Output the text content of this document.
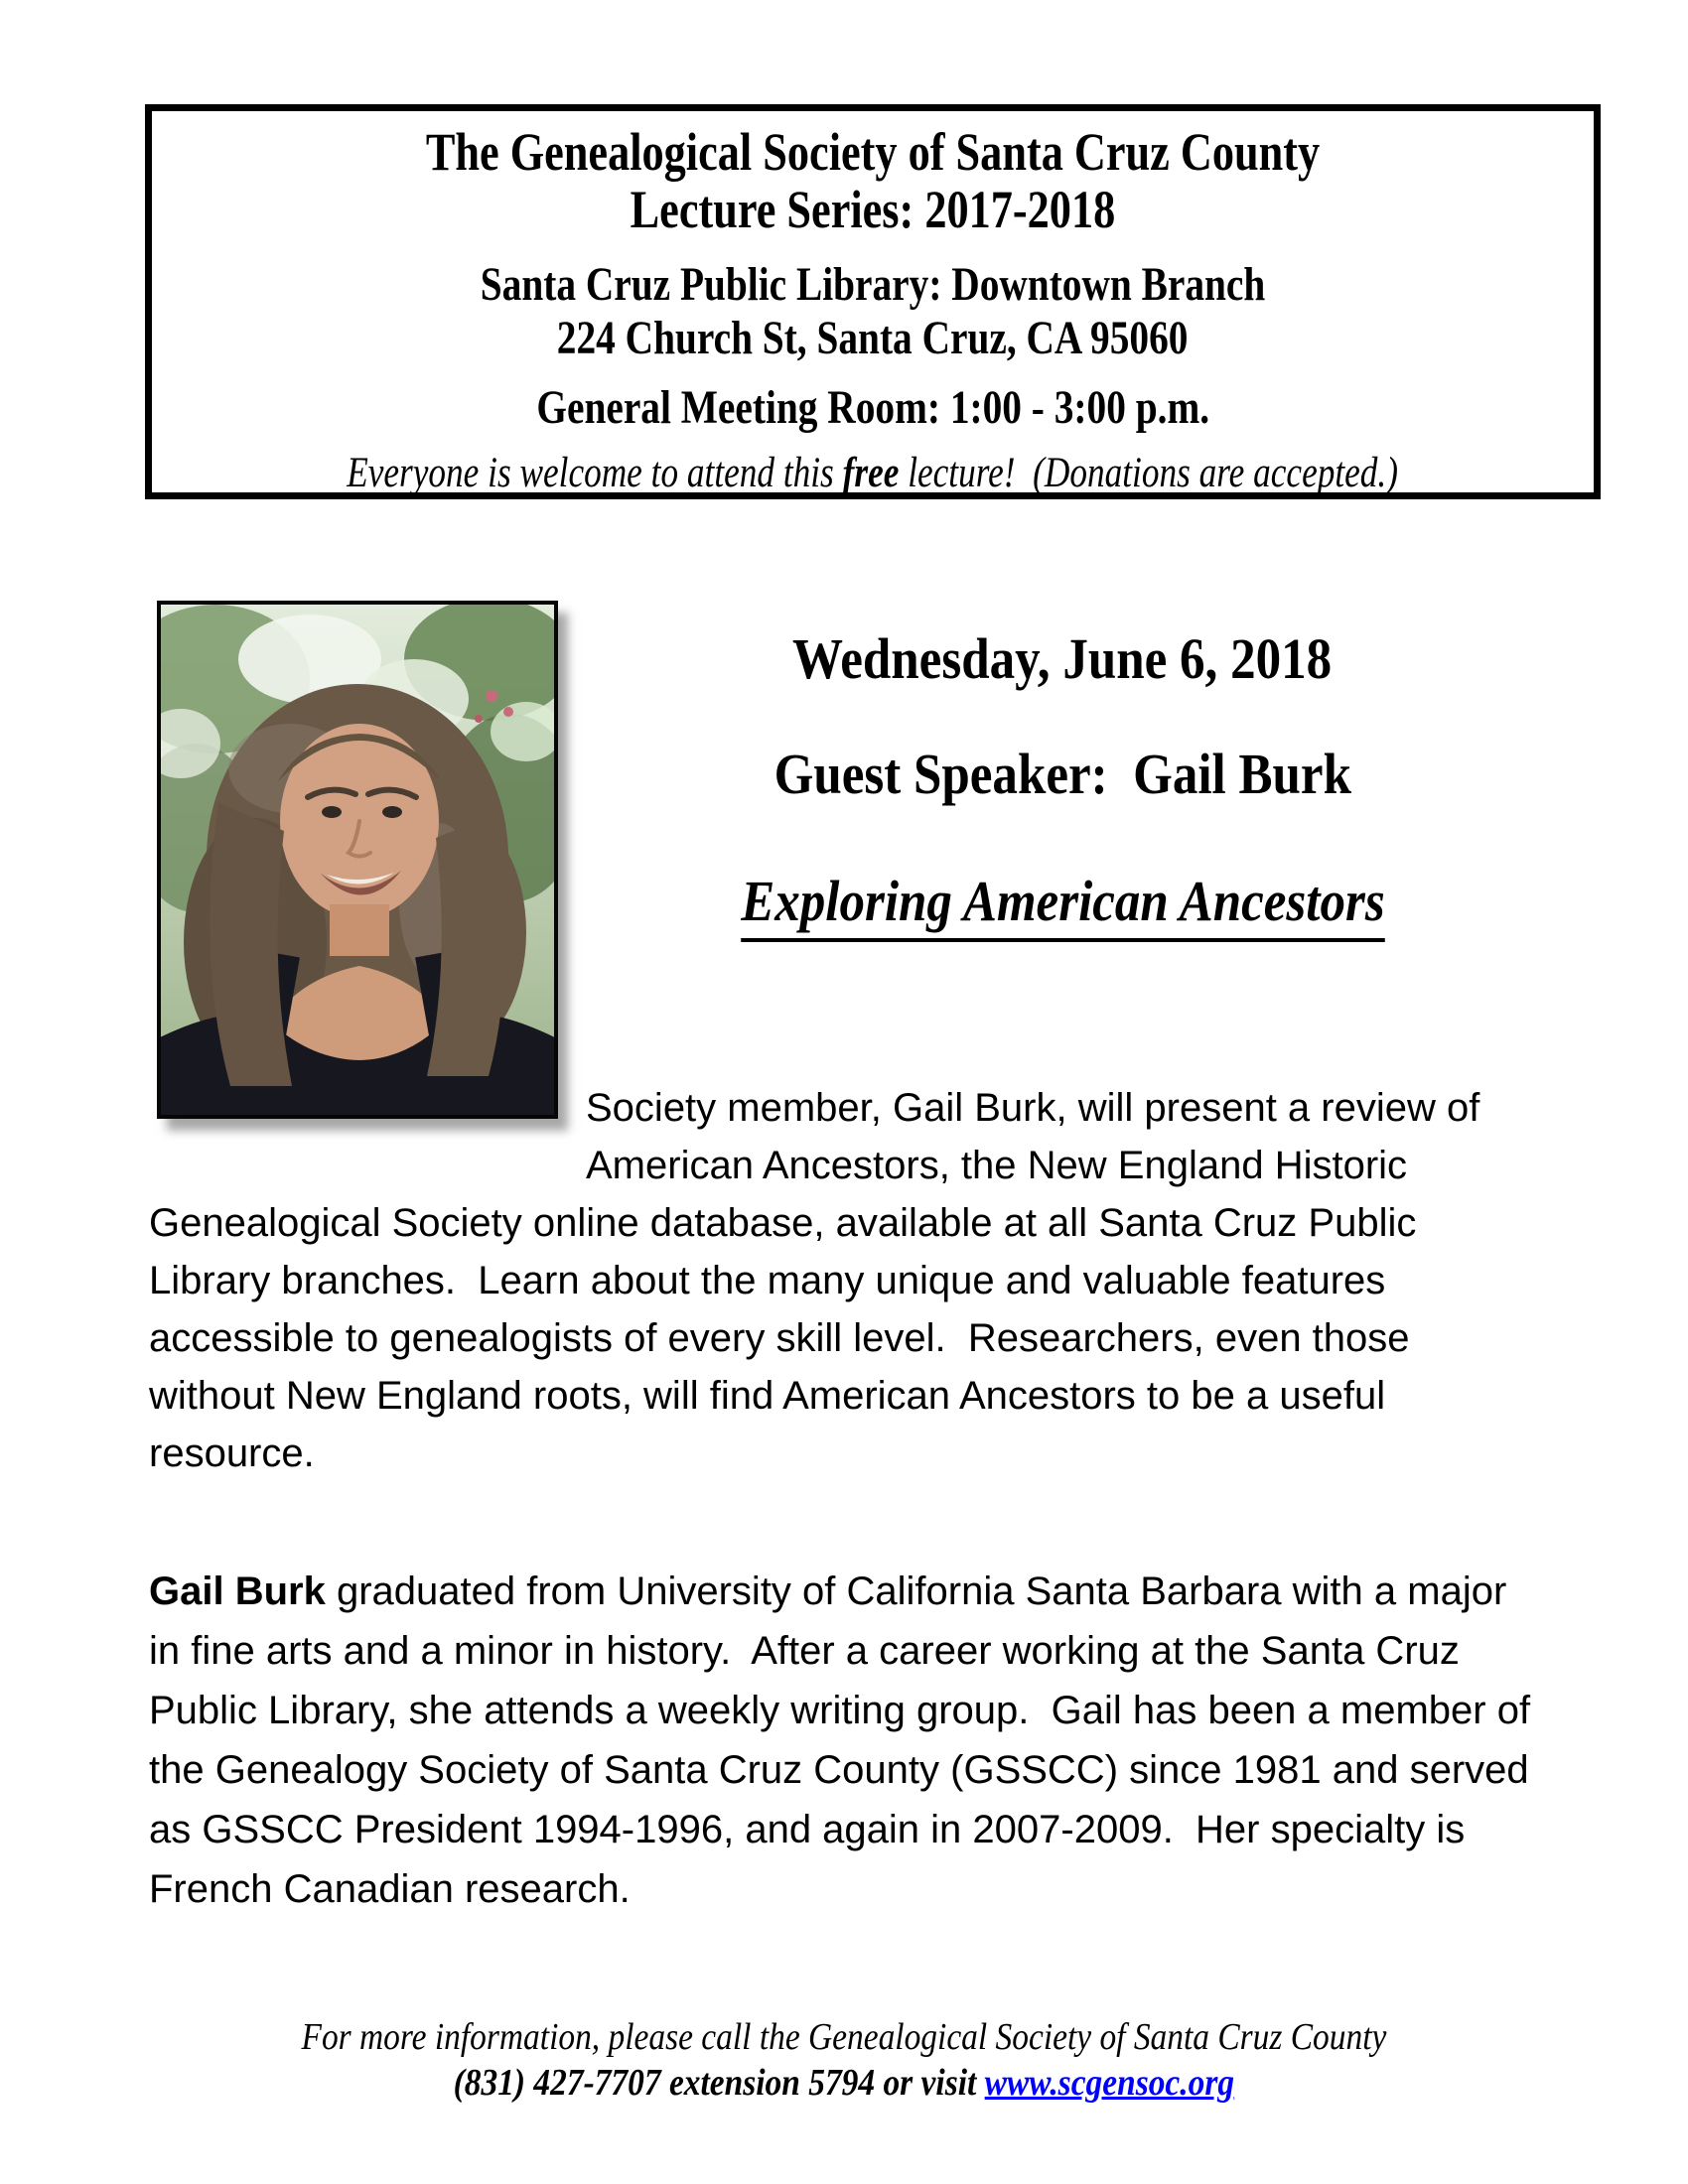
The Genealogical Society of Santa Cruz County
Lecture Series: 2017-2018
Santa Cruz Public Library: Downtown Branch
224 Church St, Santa Cruz, CA 95060
General Meeting Room: 1:00 - 3:00 p.m.
Everyone is welcome to attend this free lecture!  (Donations are accepted.)
Wednesday, June 6, 2018
Guest Speaker:  Gail Burk
Exploring American Ancestors

Society member, Gail Burk, will present a review of American Ancestors, the New England Historic Genealogical Society online database, available at all Santa Cruz Public Library branches.  Learn about the many unique and valuable features accessible to genealogists of every skill level.  Researchers, even those without New England roots, will find American Ancestors to be a useful resource.

Gail Burk graduated from University of California Santa Barbara with a major in fine arts and a minor in history.  After a career working at the Santa Cruz Public Library, she attends a weekly writing group.  Gail has been a member of the Genealogy Society of Santa Cruz County (GSSCC) since 1981 and served as GSSCC President 1994-1996, and again in 2007-2009.  Her specialty is French Canadian research.

For more information, please call the Genealogical Society of Santa Cruz County
(831) 427-7707 extension 5794 or visit www.scgensoc.org
